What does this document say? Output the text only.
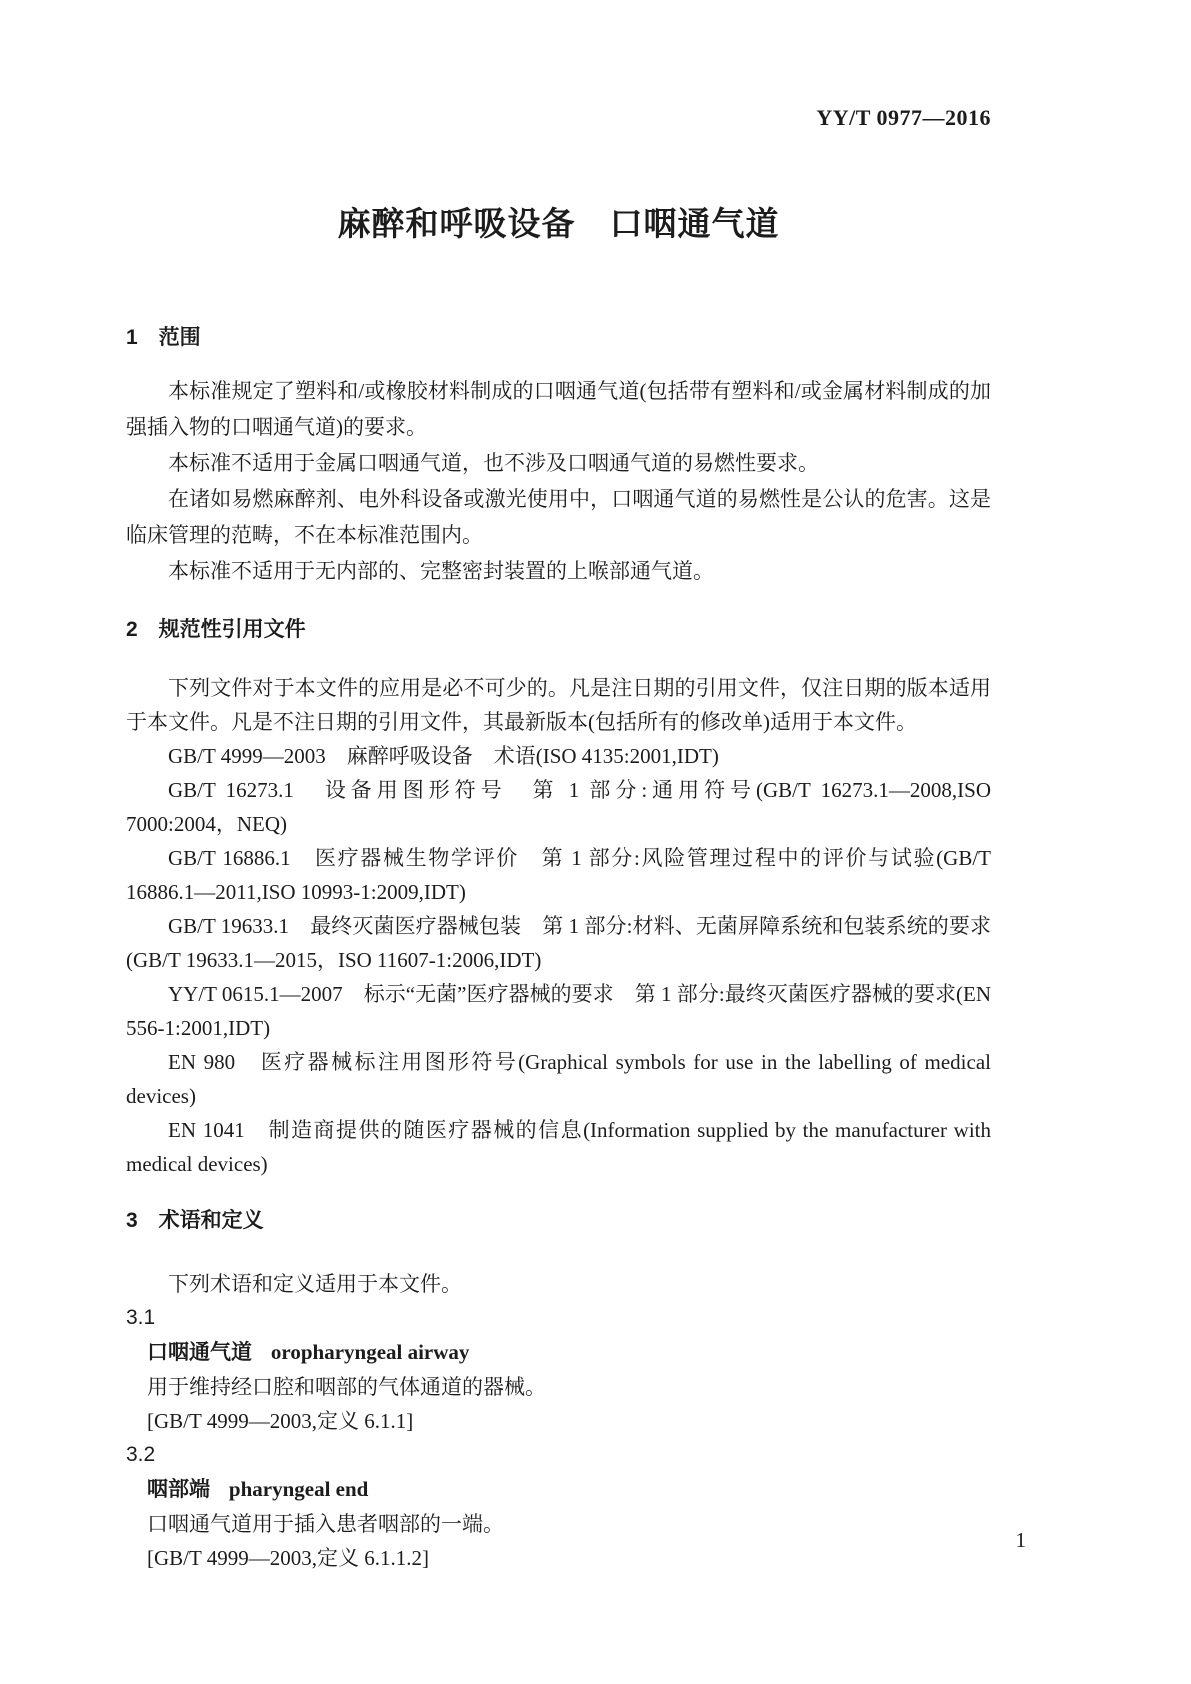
YY/T 0977—2016
麻醉和呼吸设备　口咽通气道
1　范围

本标准规定了塑料和/或橡胶材料制成的口咽通气道(包括带有塑料和/或金属材料制成的加强插入物的口咽通气道)的要求。

本标准不适用于金属口咽通气道，也不涉及口咽通气道的易燃性要求。

在诸如易燃麻醉剂、电外科设备或激光使用中，口咽通气道的易燃性是公认的危害。这是临床管理的范畴，不在本标准范围内。

本标准不适用于无内部的、完整密封装置的上喉部通气道。

2　规范性引用文件

下列文件对于本文件的应用是必不可少的。凡是注日期的引用文件，仅注日期的版本适用于本文件。凡是不注日期的引用文件，其最新版本(包括所有的修改单)适用于本文件。

GB/T 4999—2003　麻醉呼吸设备　术语(ISO 4135:2001,IDT)

GB/T 16273.1　设备用图形符号　第 1 部分:通用符号(GB/T 16273.1—2008,ISO 7000:2004，NEQ)

GB/T 16886.1　医疗器械生物学评价　第 1 部分:风险管理过程中的评价与试验(GB/T 16886.1—2011,ISO 10993-1:2009,IDT)

GB/T 19633.1　最终灭菌医疗器械包装　第 1 部分:材料、无菌屏障系统和包装系统的要求(GB/T 19633.1—2015，ISO 11607-1:2006,IDT)

YY/T 0615.1—2007　标示“无菌”医疗器械的要求　第 1 部分:最终灭菌医疗器械的要求(EN 556-1:2001,IDT)

EN 980　医疗器械标注用图形符号(Graphical symbols for use in the labelling of medical devices)

EN 1041　制造商提供的随医疗器械的信息(Information supplied by the manufacturer with medical devices)

3　术语和定义

下列术语和定义适用于本文件。

3.1

口咽通气道 oropharyngeal airway

用于维持经口腔和咽部的气体通道的器械。

[GB/T 4999—2003,定义 6.1.1]

3.2

咽部端 pharyngeal end

口咽通气道用于插入患者咽部的一端。

[GB/T 4999—2003,定义 6.1.1.2]

1
